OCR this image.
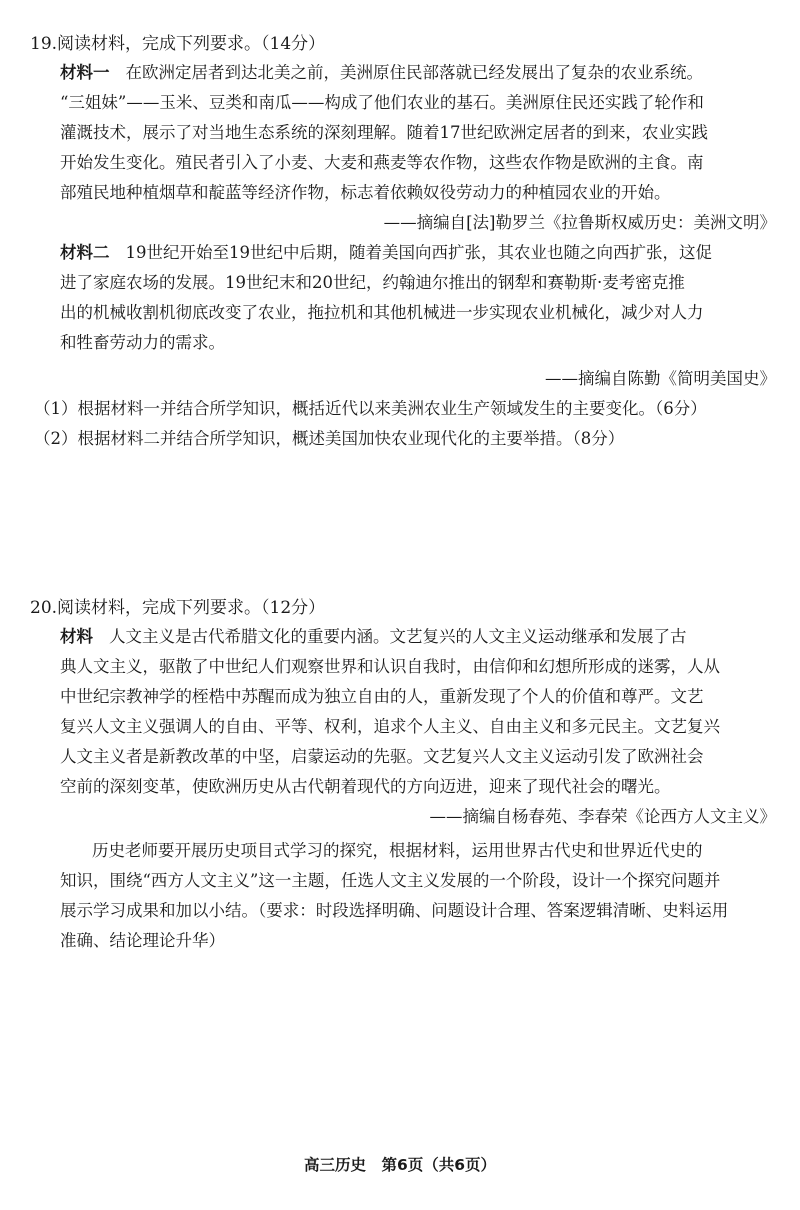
19.阅读材料，完成下列要求。（14分）
材料一 在欧洲定居者到达北美之前，美洲原住民部落就已经发展出了复杂的农业系统。
“三姐妹”——玉米、豆类和南瓜——构成了他们农业的基石。美洲原住民还实践了轮作和
灌溉技术，展示了对当地生态系统的深刻理解。随着17世纪欧洲定居者的到来，农业实践
开始发生变化。殖民者引入了小麦、大麦和燕麦等农作物，这些农作物是欧洲的主食。南
部殖民地种植烟草和靛蓝等经济作物，标志着依赖奴役劳动力的种植园农业的开始。
——摘编自[法]勒罗兰《拉鲁斯权威历史：美洲文明》
材料二 19世纪开始至19世纪中后期，随着美国向西扩张，其农业也随之向西扩张，这促
进了家庭农场的发展。19世纪末和20世纪，约翰迪尔推出的钢犁和赛勒斯·麦考密克推
出的机械收割机彻底改变了农业，拖拉机和其他机械进一步实现农业机械化，减少对人力
和牲畜劳动力的需求。
——摘编自陈勤《简明美国史》
（1）根据材料一并结合所学知识，概括近代以来美洲农业生产领域发生的主要变化。（6分）
（2）根据材料二并结合所学知识，概述美国加快农业现代化的主要举措。（8分）
20.阅读材料，完成下列要求。（12分）
材料 人文主义是古代希腊文化的重要内涵。文艺复兴的人文主义运动继承和发展了古
典人文主义，驱散了中世纪人们观察世界和认识自我时，由信仰和幻想所形成的迷雾，人从
中世纪宗教神学的桎梏中苏醒而成为独立自由的人，重新发现了个人的价值和尊严。文艺
复兴人文主义强调人的自由、平等、权利，追求个人主义、自由主义和多元民主。文艺复兴
人文主义者是新教改革的中坚，启蒙运动的先驱。文艺复兴人文主义运动引发了欧洲社会
空前的深刻变革，使欧洲历史从古代朝着现代的方向迈进，迎来了现代社会的曙光。
——摘编自杨春苑、李春荣《论西方人文主义》
历史老师要开展历史项目式学习的探究，根据材料，运用世界古代史和世界近代史的
知识，围绕“西方人文主义”这一主题，任选人文主义发展的一个阶段，设计一个探究问题并
展示学习成果和加以小结。（要求：时段选择明确、问题设计合理、答案逻辑清晰、史料运用
准确、结论理论升华）
高三历史　第6页（共6页）
